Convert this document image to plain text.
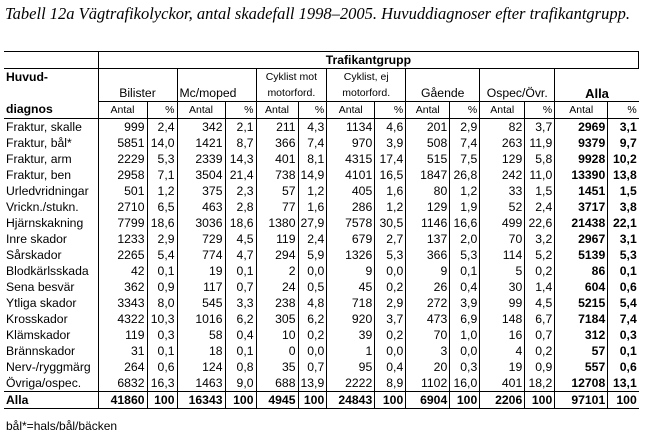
Tabell 12a Vägtrafikolyckor, antal skadefall 1998–2005. Huvuddiagnoser efter trafikantgrupp.
	Trafikantgrupp													
Huvud-					Cyklist mot		Cyklist, ej							
	Bilister		Mc/moped		motorford.		motorford.		Gående		Ospec/Övr.		Alla	
diagnos	Antal	%	Antal	%	Antal	%	Antal	%	Antal	%	Antal	%	Antal	%
Fraktur, skalle	999	2,4	342	2,1	211	4,3	1134	4,6	201	2,9	82	3,7	2969	3,1
Fraktur, bål*	5851	14,0	1421	8,7	366	7,4	970	3,9	508	7,4	263	11,9	9379	9,7
Fraktur, arm	2229	5,3	2339	14,3	401	8,1	4315	17,4	515	7,5	129	5,8	9928	10,2
Fraktur, ben	2958	7,1	3504	21,4	738	14,9	4101	16,5	1847	26,8	242	11,0	13390	13,8
Urledvridningar	501	1,2	375	2,3	57	1,2	405	1,6	80	1,2	33	1,5	1451	1,5
Vrickn./stukn.	2710	6,5	463	2,8	77	1,6	286	1,2	129	1,9	52	2,4	3717	3,8
Hjärnskakning	7799	18,6	3036	18,6	1380	27,9	7578	30,5	1146	16,6	499	22,6	21438	22,1
Inre skador	1233	2,9	729	4,5	119	2,4	679	2,7	137	2,0	70	3,2	2967	3,1
Sårskador	2265	5,4	774	4,7	294	5,9	1326	5,3	366	5,3	114	5,2	5139	5,3
Blodkärlsskada	42	0,1	19	0,1	2	0,0	9	0,0	9	0,1	5	0,2	86	0,1
Sena besvär	362	0,9	117	0,7	24	0,5	45	0,2	26	0,4	30	1,4	604	0,6
Ytliga skador	3343	8,0	545	3,3	238	4,8	718	2,9	272	3,9	99	4,5	5215	5,4
Krosskador	4322	10,3	1016	6,2	305	6,2	920	3,7	473	6,9	148	6,7	7184	7,4
Klämskador	119	0,3	58	0,4	10	0,2	39	0,2	70	1,0	16	0,7	312	0,3
Brännskador	31	0,1	18	0,1	0	0,0	1	0,0	3	0,0	4	0,2	57	0,1
Nerv-/ryggmärg	264	0,6	124	0,8	35	0,7	95	0,4	20	0,3	19	0,9	557	0,6
Övriga/ospec.	6832	16,3	1463	9,0	688	13,9	2222	8,9	1102	16,0	401	18,2	12708	13,1
Alla	41860	100	16343	100	4945	100	24843	100	6904	100	2206	100	97101	100
bål*=hals/bål/bäcken
